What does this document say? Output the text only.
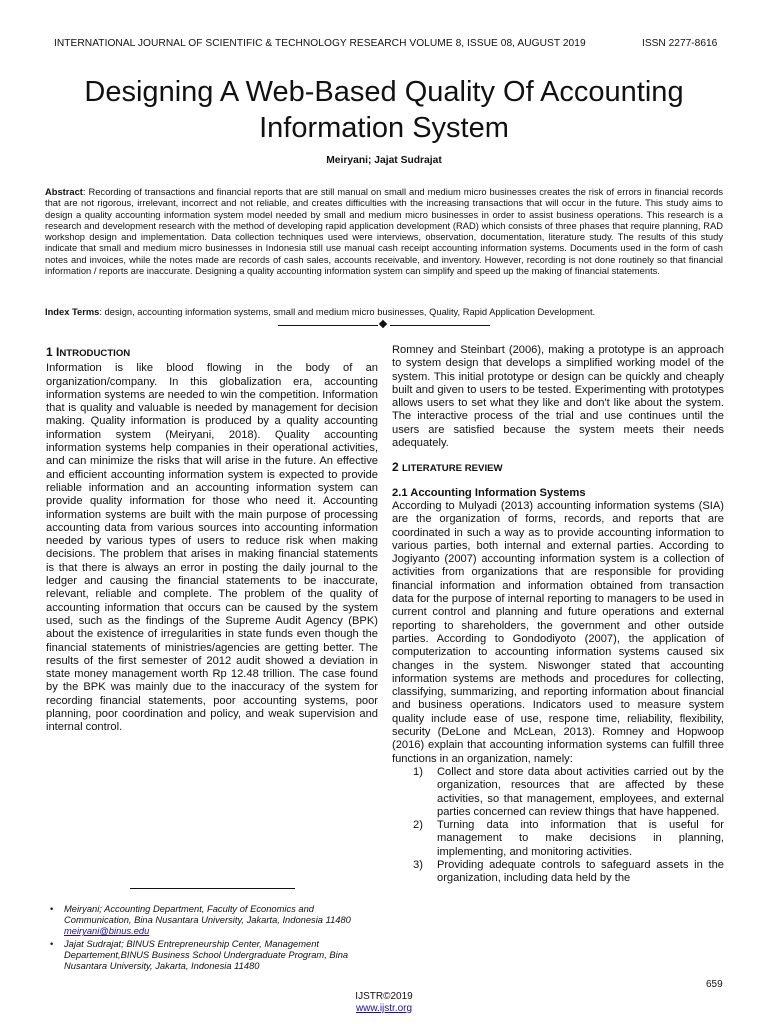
INTERNATIONAL JOURNAL OF SCIENTIFIC & TECHNOLOGY RESEARCH VOLUME 8, ISSUE 08, AUGUST 2019	ISSN 2277-8616
Designing A Web-Based Quality Of Accounting Information System
Meiryani; Jajat Sudrajat

Abstract: Recording of transactions and financial reports that are still manual on small and medium micro businesses creates the risk of errors in financial records that are not rigorous, irrelevant, incorrect and not reliable, and creates difficulties with the increasing transactions that will occur in the future. This study aims to design a quality accounting information system model needed by small and medium micro businesses in order to assist business operations. This research is a research and development research with the method of developing rapid application development (RAD) which consists of three phases that require planning, RAD workshop design and implementation. Data collection techniques used were interviews, observation, documentation, literature study. The results of this study indicate that small and medium micro businesses in Indonesia still use manual cash receipt accounting information systems. Documents used in the form of cash notes and invoices, while the notes made are records of cash sales, accounts receivable, and inventory. However, recording is not done routinely so that financial information / reports are inaccurate. Designing a quality accounting information system can simplify and speed up the making of financial statements.

Index Terms: design, accounting information systems, small and medium micro businesses, Quality, Rapid Application Development.

1 INTRODUCTION

Information is like blood flowing in the body of an organization/company. In this globalization era, accounting information systems are needed to win the competition. Information that is quality and valuable is needed by management for decision making. Quality information is produced by a quality accounting information system (Meiryani, 2018). Quality accounting information systems help companies in their operational activities, and can minimize the risks that will arise in the future. An effective and efficient accounting information system is expected to provide reliable information and an accounting information system can provide quality information for those who need it. Accounting information systems are built with the main purpose of processing accounting data from various sources into accounting information needed by various types of users to reduce risk when making decisions. The problem that arises in making financial statements is that there is always an error in posting the daily journal to the ledger and causing the financial statements to be inaccurate, relevant, reliable and complete. The problem of the quality of accounting information that occurs can be caused by the system used, such as the findings of the Supreme Audit Agency (BPK) about the existence of irregularities in state funds even though the financial statements of ministries/agencies are getting better. The results of the first semester of 2012 audit showed a deviation in state money management worth Rp 12.48 trillion. The case found by the BPK was mainly due to the inaccuracy of the system for recording financial statements, poor accounting systems, poor planning, poor coordination and policy, and weak supervision and internal control.

Romney and Steinbart (2006), making a prototype is an approach to system design that develops a simplified working model of the system. This initial prototype or design can be quickly and cheaply built and given to users to be tested. Experimenting with prototypes allows users to set what they like and don't like about the system. The interactive process of the trial and use continues until the users are satisfied because the system meets their needs adequately.

2 LITERATURE REVIEW
2.1 Accounting Information Systems

According to Mulyadi (2013) accounting information systems (SIA) are the organization of forms, records, and reports that are coordinated in such a way as to provide accounting information to various parties, both internal and external parties. According to Jogiyanto (2007) accounting information system is a collection of activities from organizations that are responsible for providing financial information and information obtained from transaction data for the purpose of internal reporting to managers to be used in current control and planning and future operations and external reporting to shareholders, the government and other outside parties. According to Gondodiyoto (2007), the application of computerization to accounting information systems caused six changes in the system. Niswonger stated that accounting information systems are methods and procedures for collecting, classifying, summarizing, and reporting information about financial and business operations. Indicators used to measure system quality include ease of use, respone time, reliability, flexibility, security (DeLone and McLean, 2013). Romney and Hopwoop (2016) explain that accounting information systems can fulfill three functions in an organization, namely:

1) Collect and store data about activities carried out by the organization, resources that are affected by these activities, so that management, employees, and external parties concerned can review things that have happened.
2) Turning data into information that is useful for management to make decisions in planning, implementing, and monitoring activities.
3) Providing adequate controls to safeguard assets in the organization, including data held by the
• Meiryani; Accounting Department, Faculty of Economics and Communication, Bina Nusantara University, Jakarta, Indonesia 11480
meiryani@binus.edu
• Jajat Sudrajat; BINUS Entrepreneurship Center, Management Departement,BINUS Business School Undergraduate Program, Bina Nusantara University, Jakarta, Indonesia 11480
659
IJSTR©2019
www.ijstr.org
